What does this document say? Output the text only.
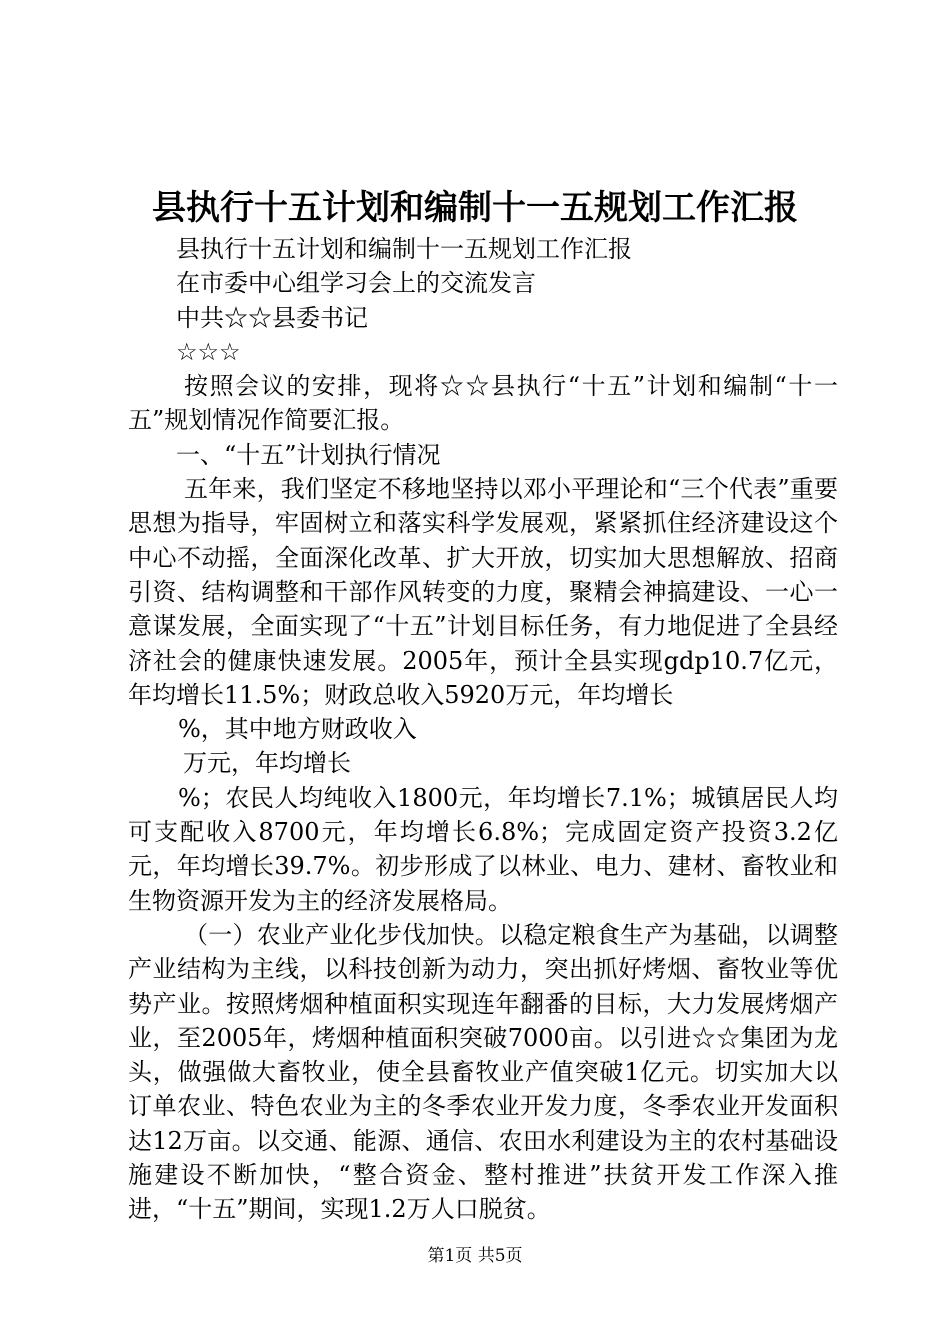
县执行十五计划和编制十一五规划工作汇报

县执行十五计划和编制十一五规划工作汇报

在市委中心组学习会上的交流发言

中共☆☆县委书记

☆☆☆

按照会议的安排，现将☆☆县执行“十五”计划和编制“十一五”规划情况作简要汇报。

一、“十五”计划执行情况

五年来，我们坚定不移地坚持以邓小平理论和“三个代表”重要思想为指导，牢固树立和落实科学发展观，紧紧抓住经济建设这个中心不动摇，全面深化改革、扩大开放，切实加大思想解放、招商引资、结构调整和干部作风转变的力度，聚精会神搞建设、一心一意谋发展，全面实现了“十五”计划目标任务，有力地促进了全县经济社会的健康快速发展。2005年，预计全县实现gdp10.7亿元，年均增长11.5%；财政总收入5920万元，年均增长

%，其中地方财政收入

万元，年均增长

%；农民人均纯收入1800元，年均增长7.1%；城镇居民人均可支配收入8700元，年均增长6.8%；完成固定资产投资3.2亿元，年均增长39.7%。初步形成了以林业、电力、建材、畜牧业和生物资源开发为主的经济发展格局。

（一）农业产业化步伐加快。以稳定粮食生产为基础，以调整产业结构为主线，以科技创新为动力，突出抓好烤烟、畜牧业等优势产业。按照烤烟种植面积实现连年翻番的目标，大力发展烤烟产业，至2005年，烤烟种植面积突破7000亩。以引进☆☆集团为龙头，做强做大畜牧业，使全县畜牧业产值突破1亿元。切实加大以订单农业、特色农业为主的冬季农业开发力度，冬季农业开发面积达12万亩。以交通、能源、通信、农田水利建设为主的农村基础设施建设不断加快，“整合资金、整村推进”扶贫开发工作深入推进，“十五”期间，实现1.2万人口脱贫。

第1页 共5页
